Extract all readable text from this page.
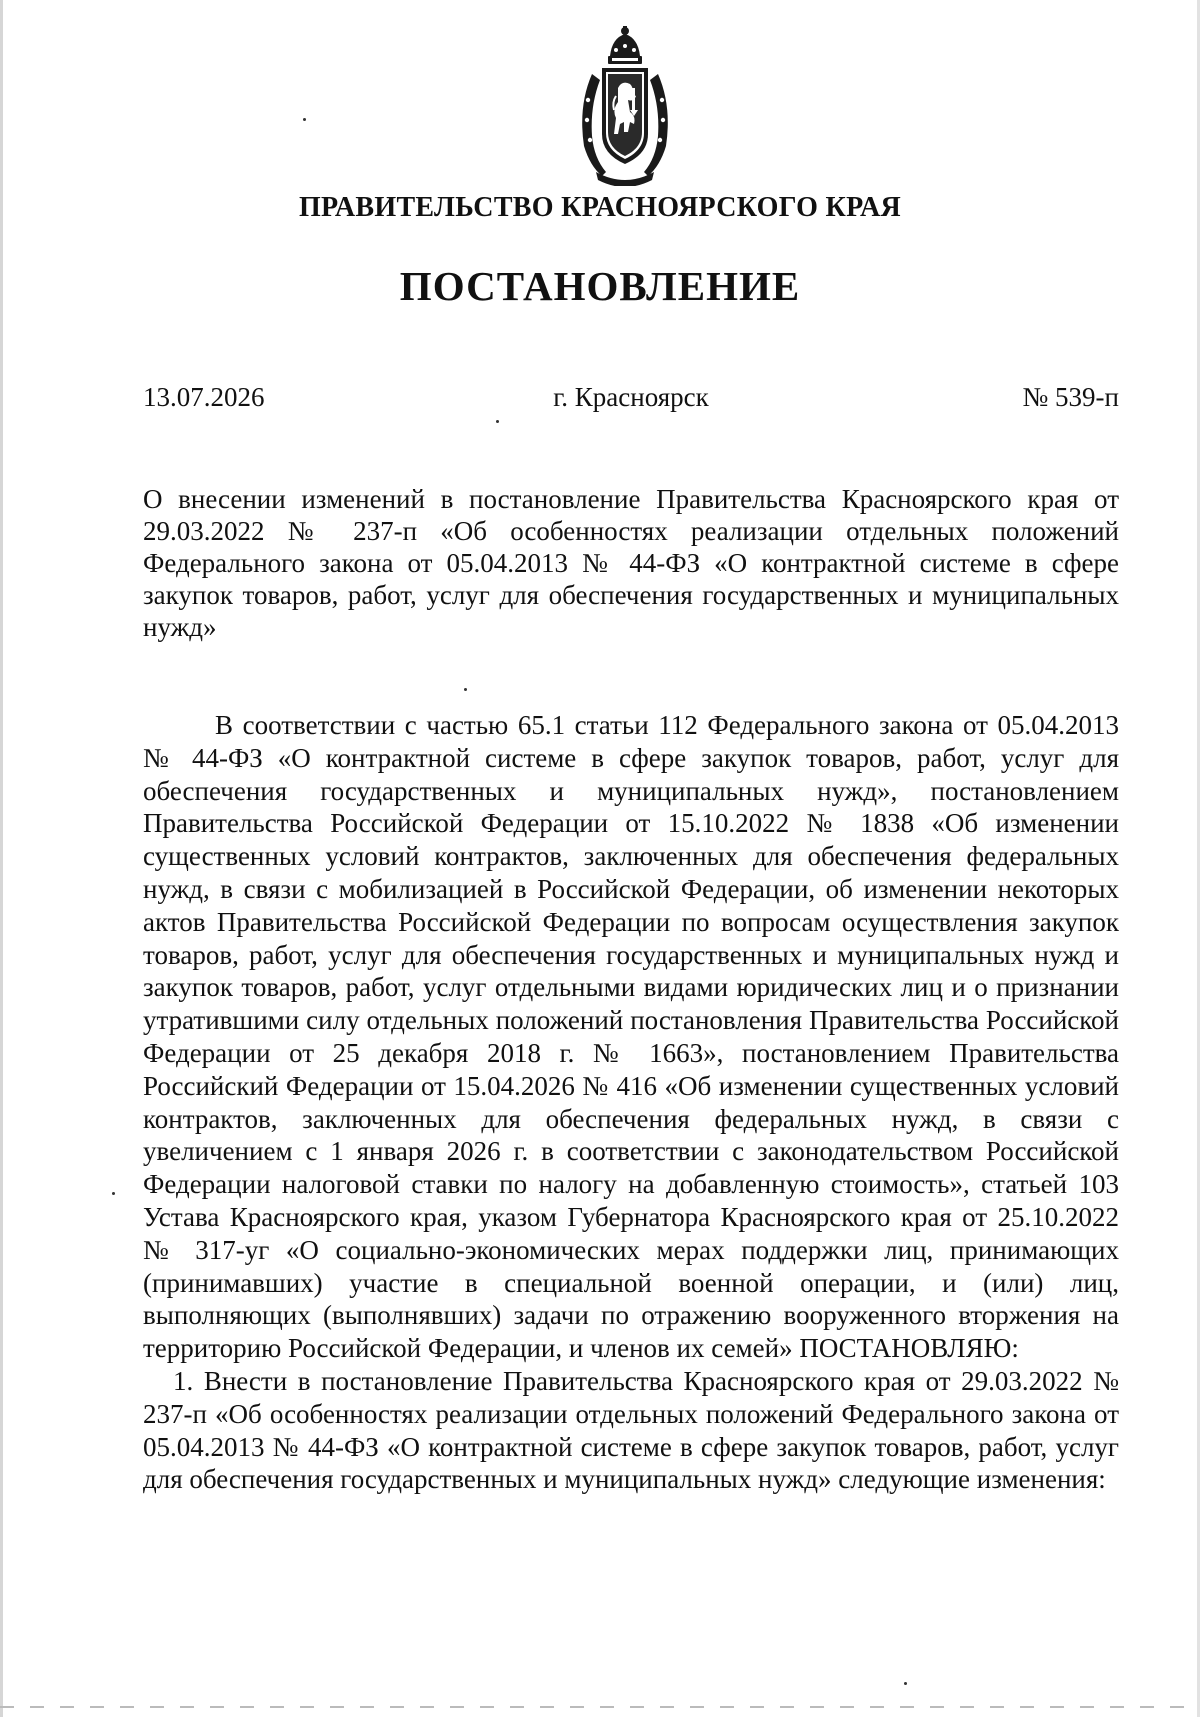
ПРАВИТЕЛЬСТВО КРАСНОЯРСКОГО КРАЯ
ПОСТАНОВЛЕНИЕ
13.07.2026	г. Красноярск	№ 539-п
О внесении изменений в постановление Правительства Красноярского края от 29.03.2022 № 237-п «Об особенностях реализации отдельных положений Федерального закона от 05.04.2013 № 44-ФЗ «О контрактной системе в сфере закупок товаров, работ, услуг для обеспечения государственных и муниципальных нужд»

В соответствии с частью 65.1 статьи 112 Федерального закона от 05.04.2013 № 44-ФЗ «О контрактной системе в сфере закупок товаров, работ, услуг для обеспечения государственных и муниципальных нужд», постановлением Правительства Российской Федерации от 15.10.2022 № 1838 «Об изменении существенных условий контрактов, заключенных для обеспечения федеральных нужд, в связи с мобилизацией в Российской Федерации, об изменении некоторых актов Правительства Российской Федерации по вопросам осуществления закупок товаров, работ, услуг для обеспечения государственных и муниципальных нужд и закупок товаров, работ, услуг отдельными видами юридических лиц и о признании утратившими силу отдельных положений постановления Правительства Российской Федерации от 25 декабря 2018 г. № 1663», постановлением Правительства Российский Федерации от 15.04.2026 № 416 «Об изменении существенных условий контрактов, заключенных для обеспечения федеральных нужд, в связи с увеличением с 1 января 2026 г. в соответствии с законодательством Российской Федерации налоговой ставки по налогу на добавленную стоимость», статьей 103 Устава Красноярского края, указом Губернатора Красноярского края от 25.10.2022 № 317-уг «О социально-экономических мерах поддержки лиц, принимающих (принимавших) участие в специальной военной операции, и (или) лиц, выполняющих (выполнявших) задачи по отражению вооруженного вторжения на территорию Российской Федерации, и членов их семей» ПОСТАНОВЛЯЮ:

1. Внести в постановление Правительства Красноярского края от 29.03.2022 № 237-п «Об особенностях реализации отдельных положений Федерального закона от 05.04.2013 № 44-ФЗ «О контрактной системе в сфере закупок товаров, работ, услуг для обеспечения государственных и муниципальных нужд» следующие изменения:
